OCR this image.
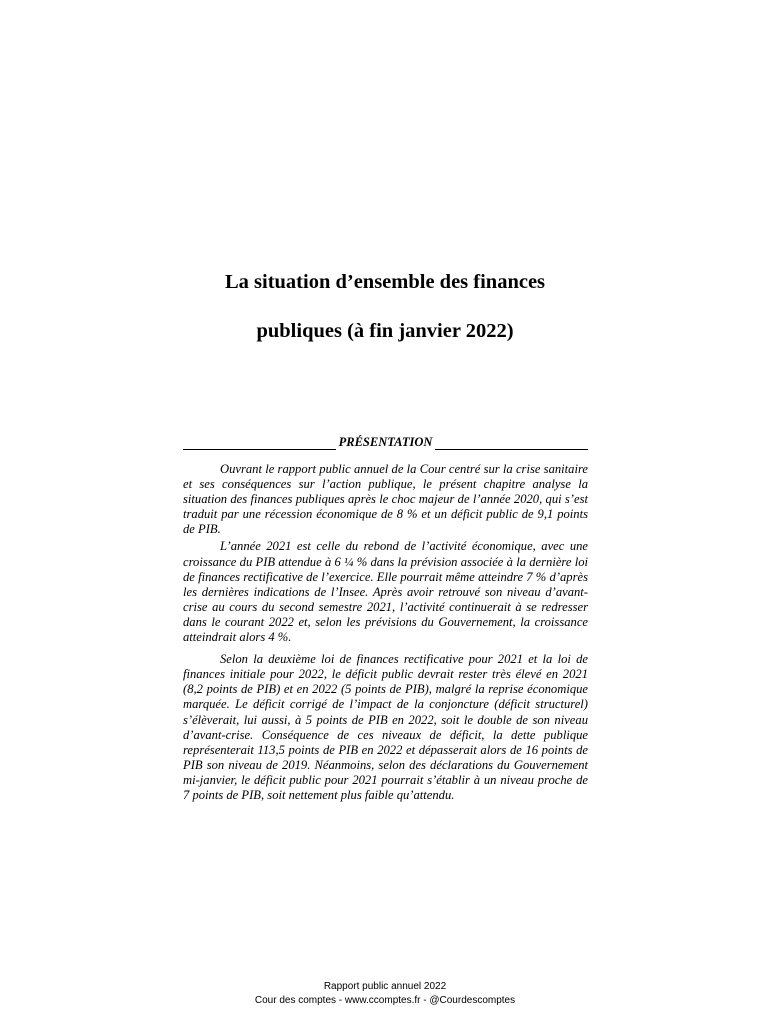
La situation d’ensemble des finances
publiques (à fin janvier 2022)
PRÉSENTATION

Ouvrant le rapport public annuel de la Cour centré sur la crise sanitaire et ses conséquences sur l’action publique, le présent chapitre analyse la situation des finances publiques après le choc majeur de l’année 2020, qui s’est traduit par une récession économique de 8 % et un déficit public de 9,1 points de PIB.

L’année 2021 est celle du rebond de l’activité économique, avec une croissance du PIB attendue à 6 ¼ % dans la prévision associée à la dernière loi de finances rectificative de l’exercice. Elle pourrait même atteindre 7 % d’après les dernières indications de l’Insee. Après avoir retrouvé son niveau d’avant-crise au cours du second semestre 2021, l’activité continuerait à se redresser dans le courant 2022 et, selon les prévisions du Gouvernement, la croissance atteindrait alors 4 %.

Selon la deuxième loi de finances rectificative pour 2021 et la loi de finances initiale pour 2022, le déficit public devrait rester très élevé en 2021 (8,2 points de PIB) et en 2022 (5 points de PIB), malgré la reprise économique marquée. Le déficit corrigé de l’impact de la conjoncture (déficit structurel) s’élèverait, lui aussi, à 5 points de PIB en 2022, soit le double de son niveau d’avant-crise. Conséquence de ces niveaux de déficit, la dette publique représenterait 113,5 points de PIB en 2022 et dépasserait alors de 16 points de PIB son niveau de 2019. Néanmoins, selon des déclarations du Gouvernement mi-janvier, le déficit public pour 2021 pourrait s’établir à un niveau proche de 7 points de PIB, soit nettement plus faible qu’attendu.

Rapport public annuel 2022
Cour des comptes - www.ccomptes.fr - @Courdescomptes
